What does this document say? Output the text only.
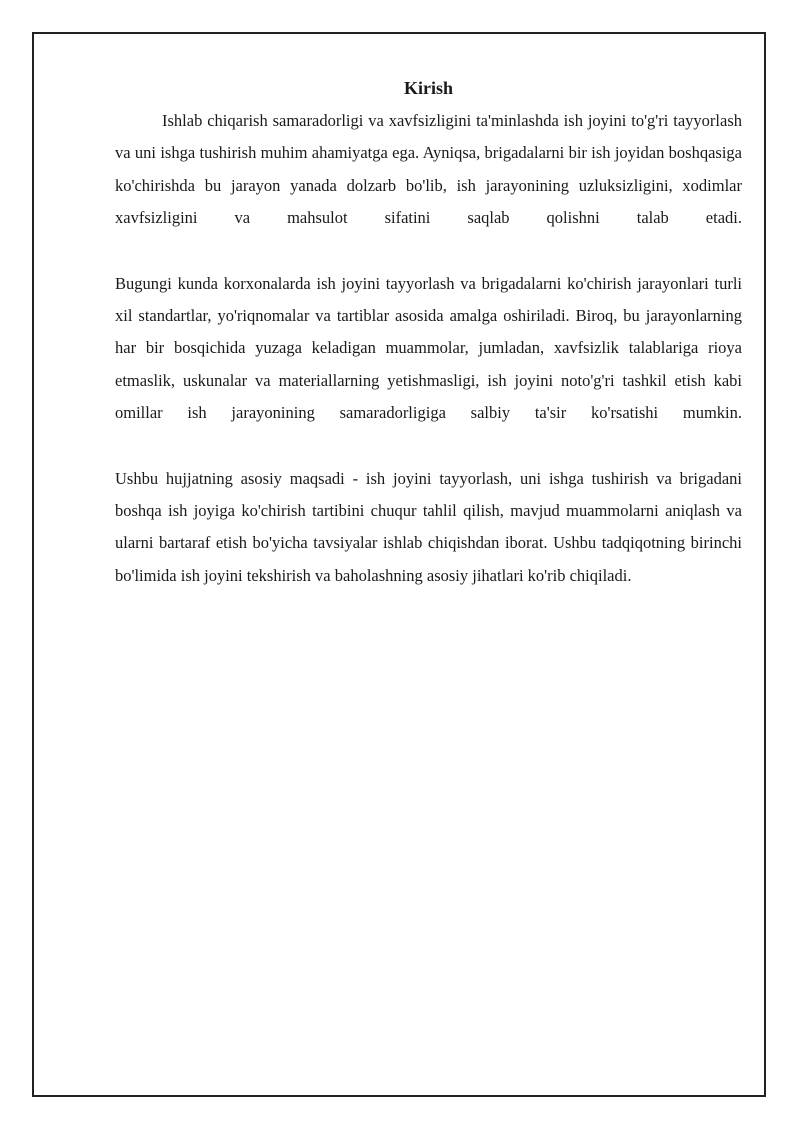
Kirish

Ishlab chiqarish samaradorligi va xavfsizligini ta'minlashda ish joyini to'g'ri tayyorlash va uni ishga tushirish muhim ahamiyatga ega. Ayniqsa, brigadalarni bir ish joyidan boshqasiga ko'chirishda bu jarayon yanada dolzarb bo'lib, ish jarayonining uzluksizligini, xodimlar xavfsizligini va mahsulot sifatini saqlab qolishni talab etadi.

Bugungi kunda korxonalarda ish joyini tayyorlash va brigadalarni ko'chirish jarayonlari turli xil standartlar, yo'riqnomalar va tartiblar asosida amalga oshiriladi. Biroq, bu jarayonlarning har bir bosqichida yuzaga keladigan muammolar, jumladan, xavfsizlik talablariga rioya etmaslik, uskunalar va materiallarning yetishmasligi, ish joyini noto'g'ri tashkil etish kabi omillar ish jarayonining samaradorligiga salbiy ta'sir ko'rsatishi mumkin.

Ushbu hujjatning asosiy maqsadi - ish joyini tayyorlash, uni ishga tushirish va brigadani boshqa ish joyiga ko'chirish tartibini chuqur tahlil qilish, mavjud muammolarni aniqlash va ularni bartaraf etish bo'yicha tavsiyalar ishlab chiqishdan iborat. Ushbu tadqiqotning birinchi bo'limida ish joyini tekshirish va baholashning asosiy jihatlari ko'rib chiqiladi.
